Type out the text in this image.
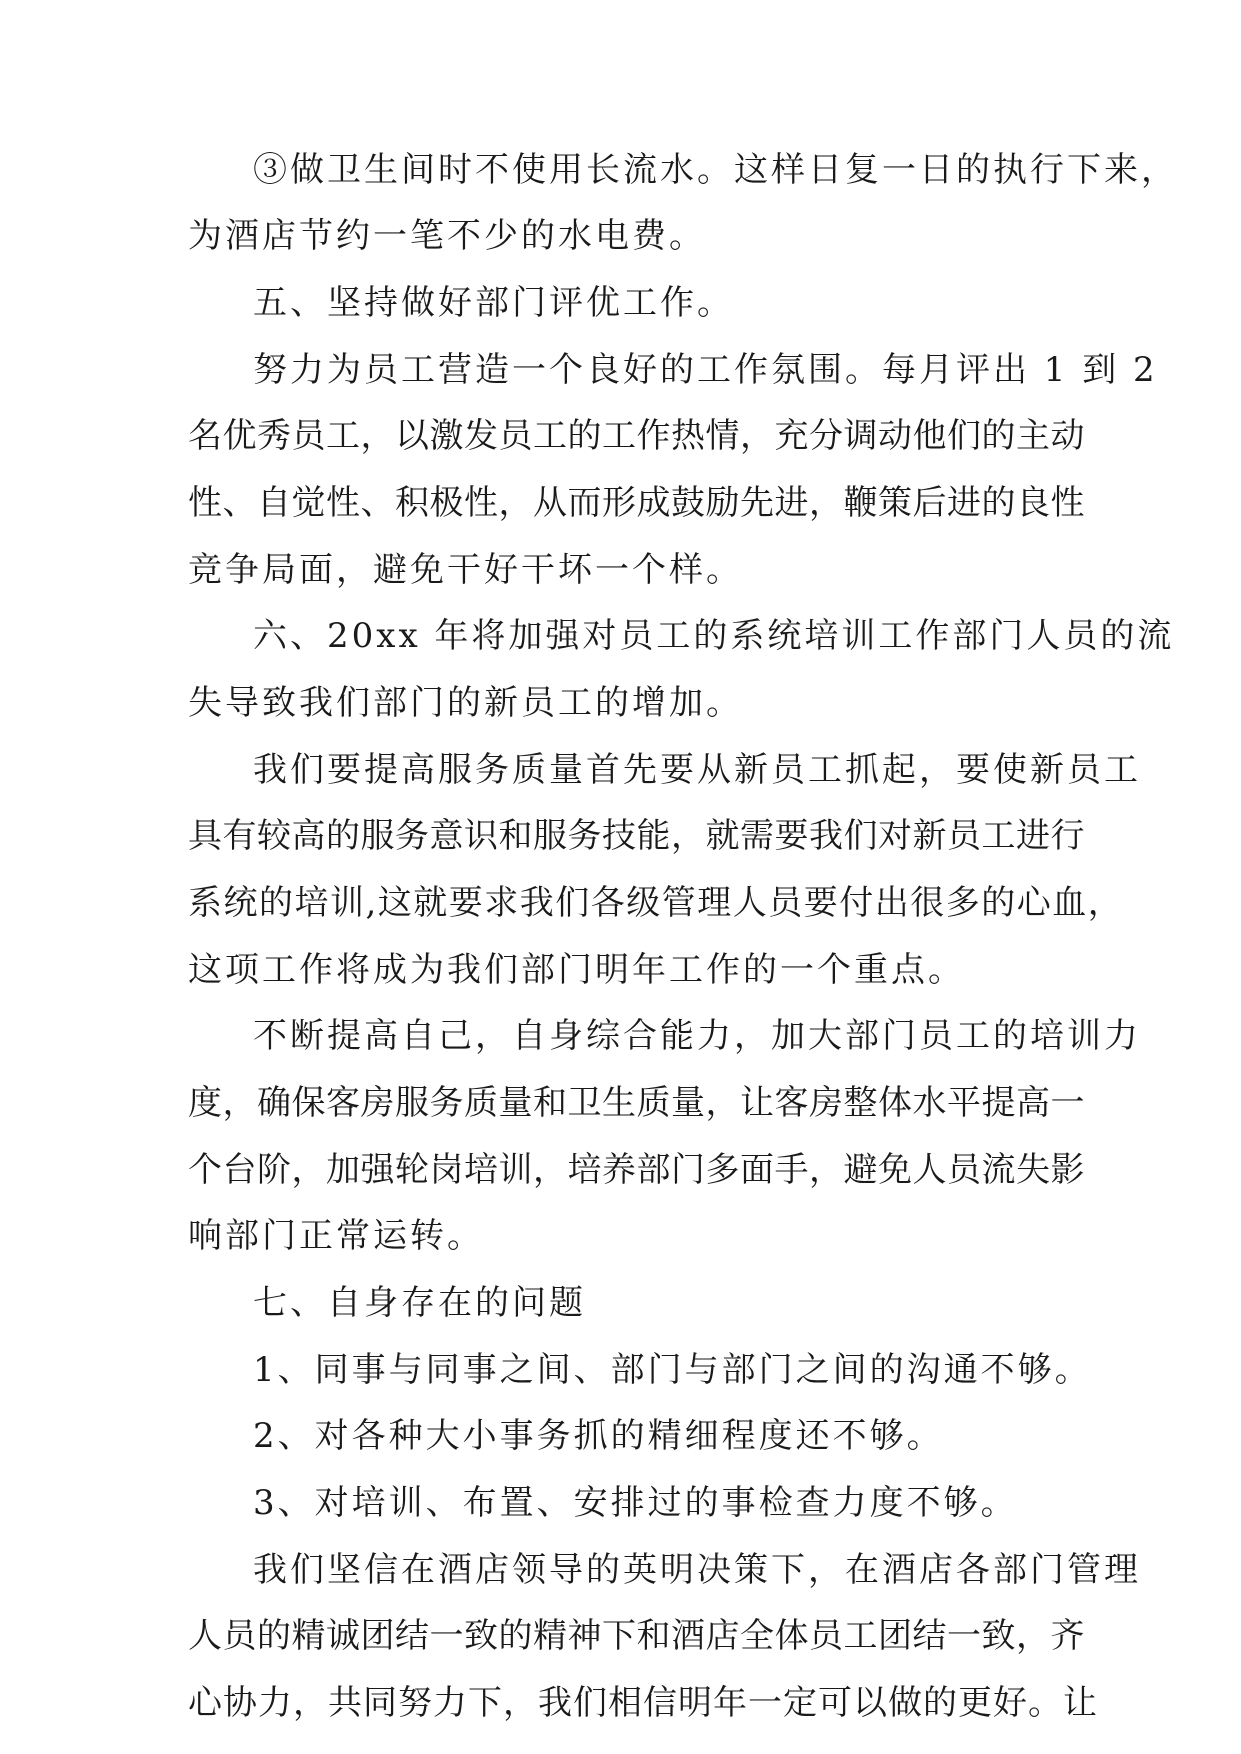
③做卫生间时不使用长流水。这样日复一日的执行下来，

为酒店节约一笔不少的水电费。

五、坚持做好部门评优工作。

努力为员工营造一个良好的工作氛围。每月评出 1 到 2

名优秀员工，以激发员工的工作热情，充分调动他们的主动

性、自觉性、积极性，从而形成鼓励先进，鞭策后进的良性

竞争局面，避免干好干坏一个样。

六、20xx 年将加强对员工的系统培训工作部门人员的流

失导致我们部门的新员工的增加。

我们要提高服务质量首先要从新员工抓起，要使新员工

具有较高的服务意识和服务技能，就需要我们对新员工进行

系统的培训,这就要求我们各级管理人员要付出很多的心血，

这项工作将成为我们部门明年工作的一个重点。

不断提高自己，自身综合能力，加大部门员工的培训力

度，确保客房服务质量和卫生质量，让客房整体水平提高一

个台阶，加强轮岗培训，培养部门多面手，避免人员流失影

响部门正常运转。

七、自身存在的问题

1、同事与同事之间、部门与部门之间的沟通不够。

2、对各种大小事务抓的精细程度还不够。

3、对培训、布置、安排过的事检查力度不够。

我们坚信在酒店领导的英明决策下，在酒店各部门管理

人员的精诚团结一致的精神下和酒店全体员工团结一致，齐

心协力，共同努力下，我们相信明年一定可以做的更好。让
